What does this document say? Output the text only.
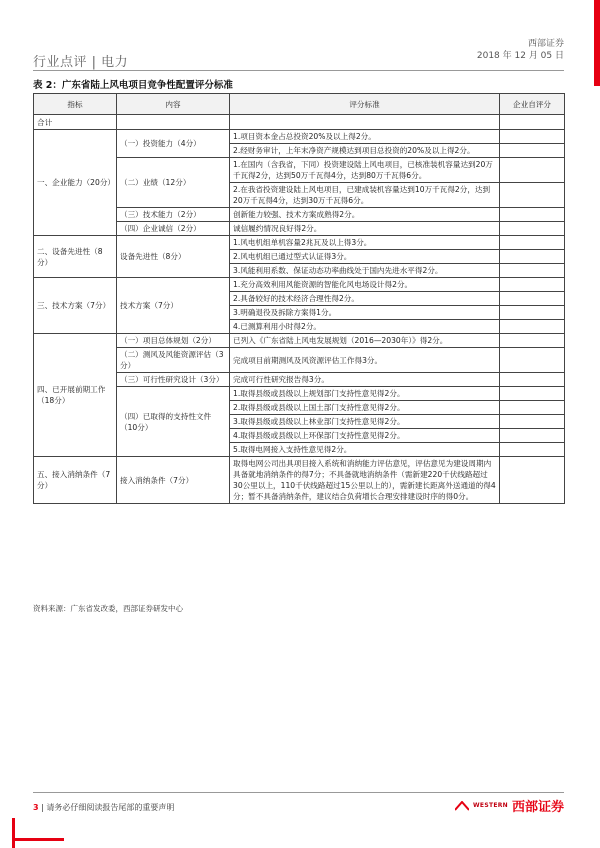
行业点评 | 电力
西部证券
2018 年 12 月 05 日
表 2：广东省陆上风电项目竞争性配置评分标准
指标	内容	评分标准	企业自评分
合计			
一、企业能力（20分）	（一）投资能力（4分）	1.项目资本金占总投资20%及以上得2分。	
		2.经财务审计，上年末净资产规模达到项目总投资的20%及以上得2分。	
	（二）业绩（12分）	1.在国内（含我省，下同）投资建设陆上风电项目，已核准装机容量达到20万千瓦得2分，达到50万千瓦得4分，达到80万千瓦得6分。	
		2.在我省投资建设陆上风电项目，已建成装机容量达到10万千瓦得2分，达到20万千瓦得4分，达到30万千瓦得6分。	
	（三）技术能力（2分）	创新能力较强、技术方案成熟得2分。	
	（四）企业诚信（2分）	诚信履约情况良好得2分。	
二、设备先进性（8分）	设备先进性（8分）	1.风电机组单机容量2兆瓦及以上得3分。	
		2.风电机组已通过型式认证得3分。	
		3.风能利用系数、保证动态功率曲线处于国内先进水平得2分。	
三、技术方案（7分）	技术方案（7分）	1.充分高效利用风能资源的智能化风电场设计得2分。	
		2.具备较好的技术经济合理性得2分。	
		3.明确退役及拆除方案得1分。	
		4.已测算利用小时得2分。	
四、已开展前期工作（18分）	（一）项目总体规划（2分）	已列入《广东省陆上风电发展规划（2016—2030年）》得2分。	
	（二）测风及风能资源评估（3分）	完成项目前期测风及风资源评估工作得3分。	
	（三）可行性研究设计（3分）	完成可行性研究报告得3分。	
	（四）已取得的支持性文件（10分）	1.取得县级或县级以上规划部门支持性意见得2分。	
		2.取得县级或县级以上国土部门支持性意见得2分。	
		3.取得县级或县级以上林业部门支持性意见得2分。	
		4.取得县级或县级以上环保部门支持性意见得2分。	
		5.取得电网接入支持性意见得2分。	
五、接入消纳条件（7分）	接入消纳条件（7分）	取得电网公司出具项目接入系统和消纳能力评估意见，评估意见为建设周期内具备就地消纳条件的得7分；不具备就地消纳条件（需新建220千伏线路超过30公里以上，110千伏线路超过15公里以上的），需新建长距离外送通道的得4分；暂不具备消纳条件，建议结合负荷增长合理安排建设时序的得0分。	
资料来源：广东省发改委，西部证券研发中心
3 | 请务必仔细阅读报告尾部的重要声明	WESTERN 西部证券
